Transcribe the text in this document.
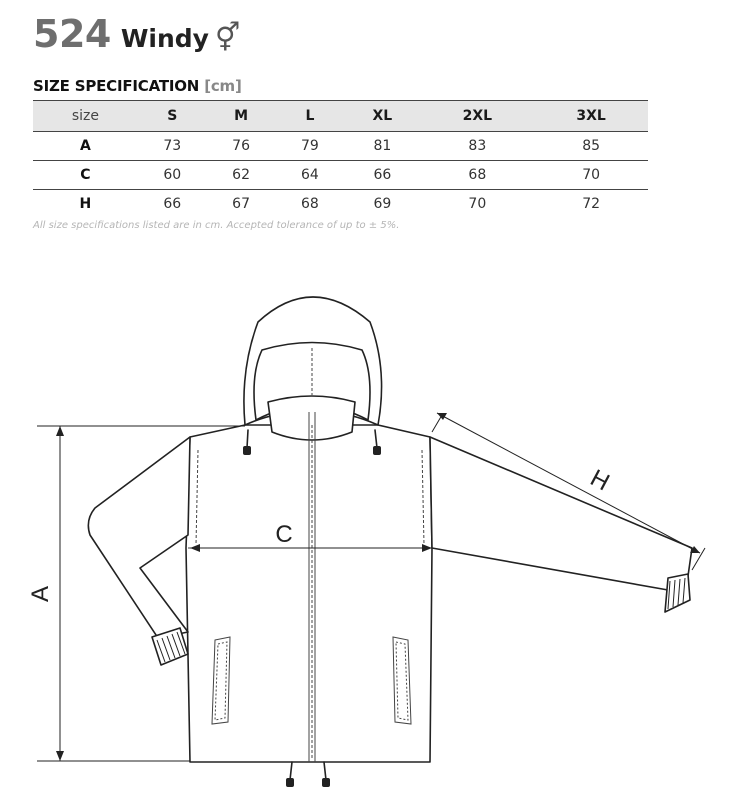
524 Windy ⚥
SIZE SPECIFICATION [cm]
size	S	M	L	XL	2XL	3XL
A	73	76	79	81	83	85
C	60	62	64	66	68	70
H	66	67	68	69	70	72
All size specifications listed are in cm. Accepted tolerance of up to ± 5%.
A
C
H
